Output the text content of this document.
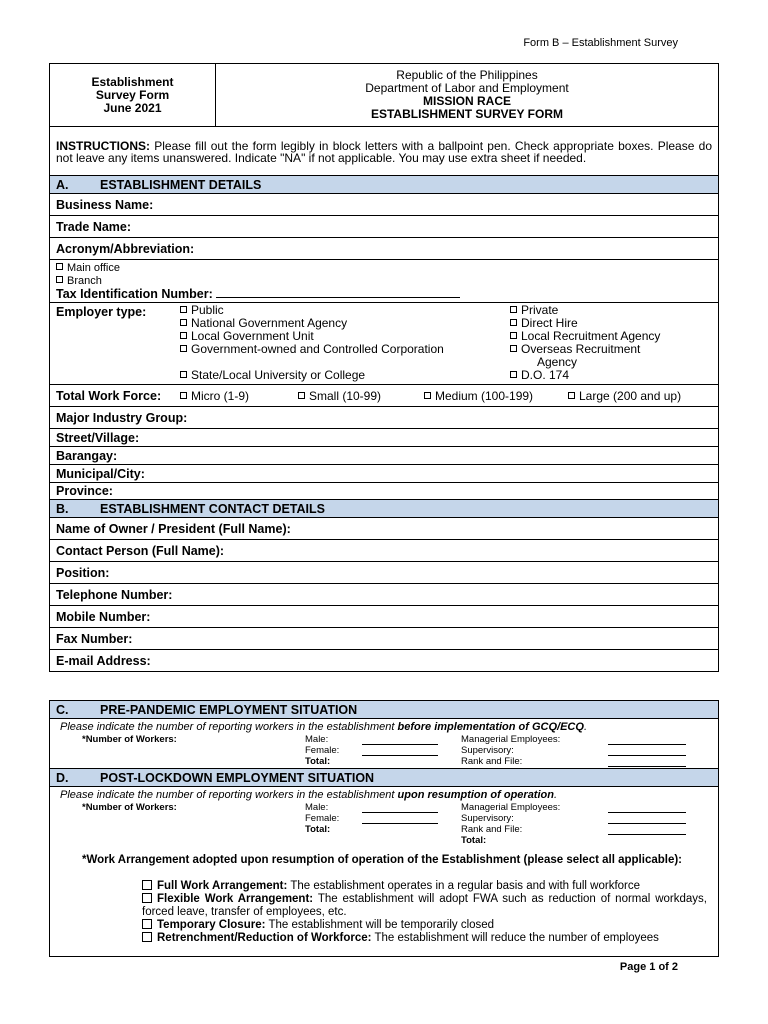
Form B – Establishment Survey
Establishment
Survey Form
June 2021

Republic of the Philippines
Department of Labor and Employment
MISSION RACE
ESTABLISHMENT SURVEY FORM

INSTRUCTIONS: Please fill out the form legibly in block letters with a ballpoint pen. Check appropriate boxes. Please do not leave any items unanswered. Indicate "NA" if not applicable. You may use extra sheet if needed.
A.	ESTABLISHMENT DETAILS
Business Name:
Trade Name:
Acronym/Abbreviation:

Main office
Branch
Tax Identification Number:

Employer type:	Public
National Government Agency
Local Government Unit
Government-owned and Controlled Corporation
State/Local University or College
Private
Direct Hire
Local Recruitment Agency
Overseas Recruitment
Agency
D.O. 174

Total Work Force:	Micro (1-9)	Small (10-99)	Medium (100-199)	Large (200 and up)

Major Industry Group:
Street/Village:
Barangay:
Municipal/City:
Province:
B.	ESTABLISHMENT CONTACT DETAILS
Name of Owner / President (Full Name):
Contact Person (Full Name):
Position:
Telephone Number:
Mobile Number:
Fax Number:
E-mail Address:
C.	PRE-PANDEMIC EMPLOYMENT SITUATION

Please indicate the number of reporting workers in the establishment before implementation of GCQ/ECQ.
*Number of Workers:	Male:
Female:
Total:
Managerial Employees:
Supervisory:
Rank and File:

D.	POST-LOCKDOWN EMPLOYMENT SITUATION

Please indicate the number of reporting workers in the establishment upon resumption of operation.
*Number of Workers:	Male:
Female:
Total:
Managerial Employees:
Supervisory:
Rank and File:
Total:
*Work Arrangement adopted upon resumption of operation of the Establishment (please select all applicable):
Full Work Arrangement: The establishment operates in a regular basis and with full workforce
Flexible Work Arrangement: The establishment will adopt FWA such as reduction of normal workdays, forced leave, transfer of employees, etc.
Temporary Closure: The establishment will be temporarily closed
Retrenchment/Reduction of Workforce: The establishment will reduce the number of employees
Page 1 of 2
